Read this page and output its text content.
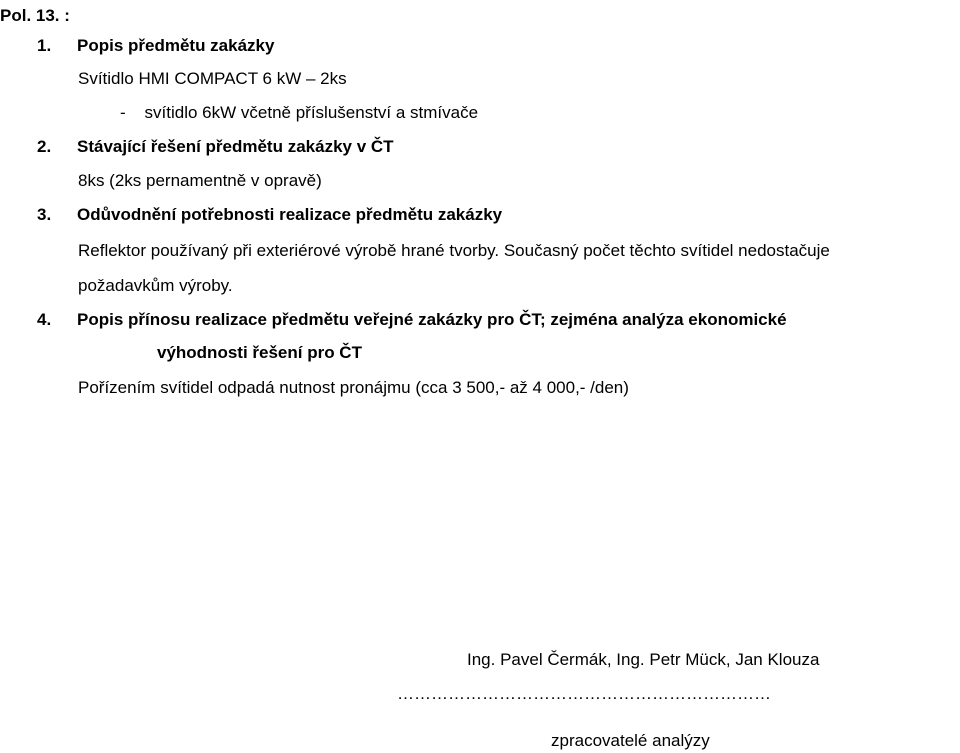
Pol. 13. :
1. Popis předmětu zakázky
Svítidlo HMI COMPACT 6 kW – 2ks
-    svítidlo 6kW včetně příslušenství a stmívače
2. Stávající řešení předmětu zakázky v ČT
8ks (2ks pernamentně v opravě)
3. Odůvodnění potřebnosti realizace předmětu zakázky
Reflektor používaný při exteriérové výrobě hrané tvorby. Současný počet těchto svítidel nedostačuje
požadavkům výroby.
4. Popis přínosu realizace předmětu veřejné zakázky pro ČT; zejména analýza ekonomické
výhodnosti řešení pro ČT
Pořízením svítidel odpadá nutnost pronájmu (cca 3 500,- až 4 000,- /den)
Ing. Pavel Čermák, Ing. Petr Mück, Jan Klouza
…………………………………………………………
zpracovatelé analýzy
